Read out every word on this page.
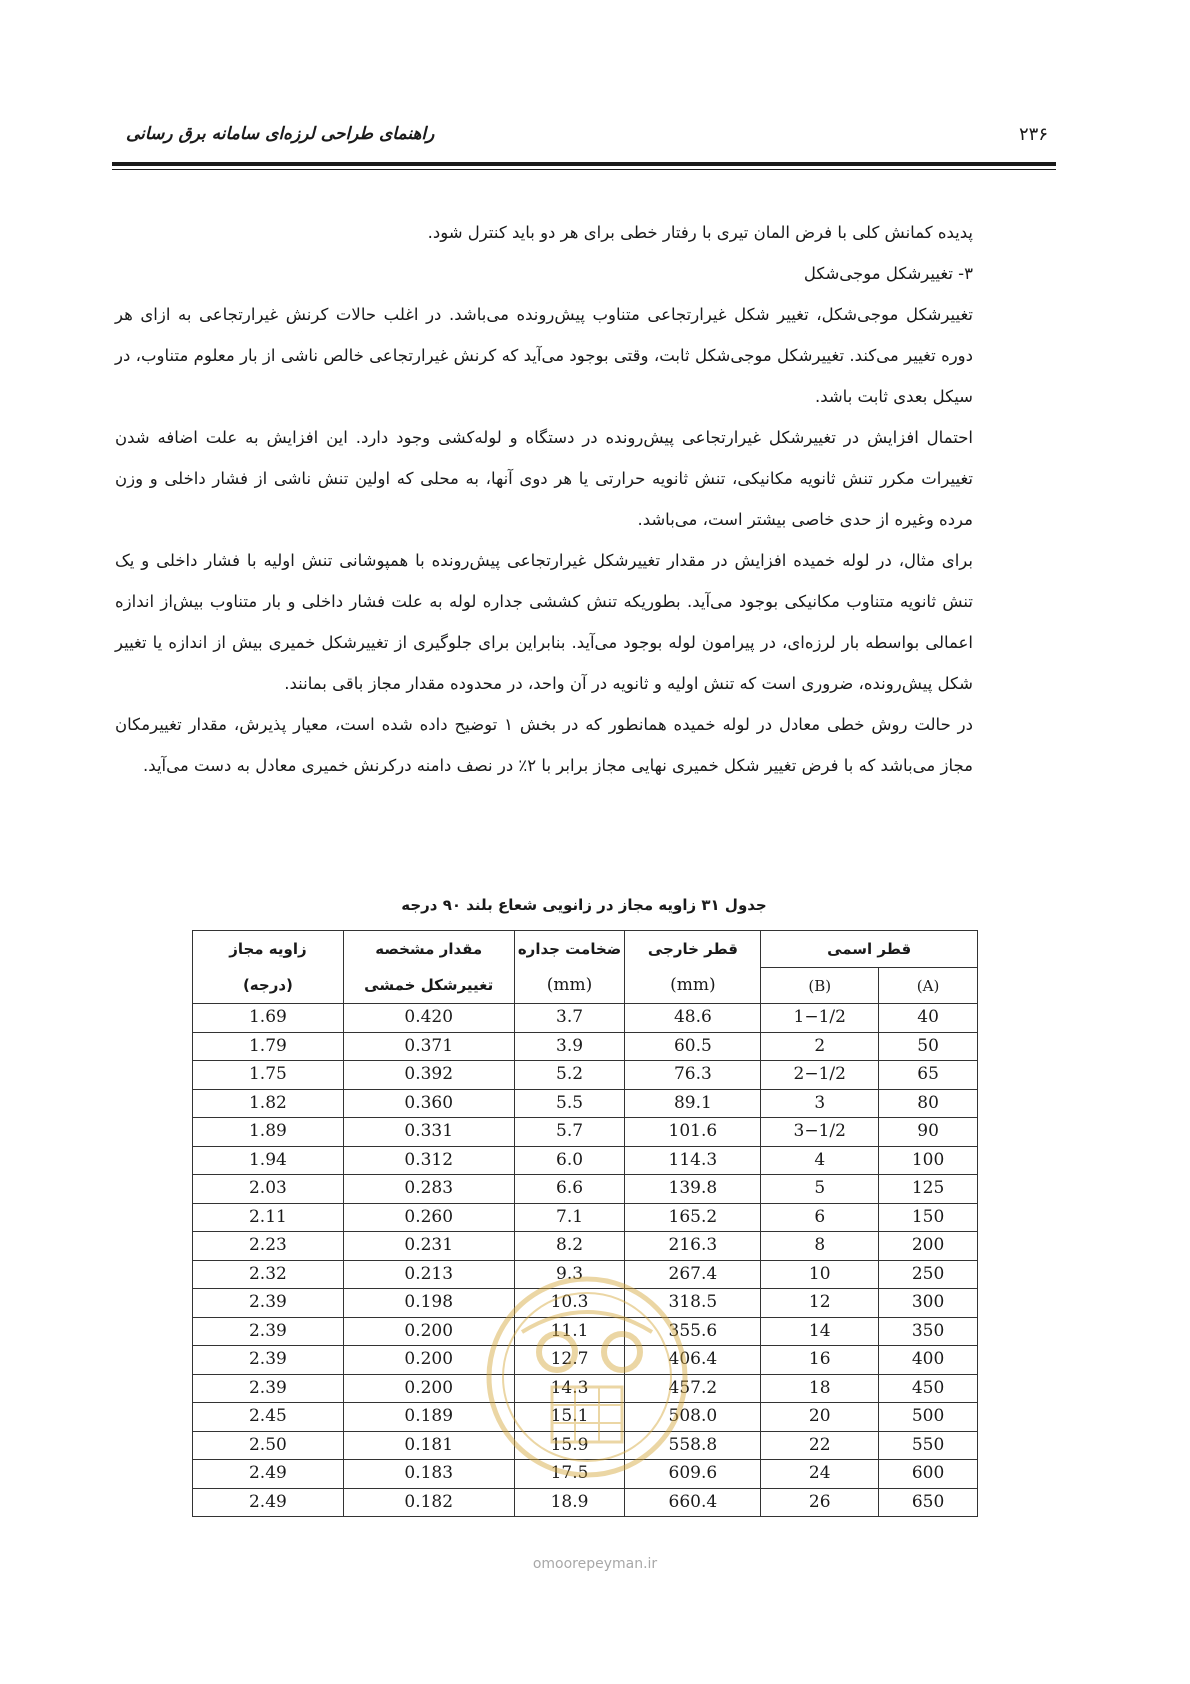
۲۳۶
راهنمای طراحی لرزه‌ای سامانه برق رسانی

پدیده کمانش کلی با فرض المان تیری با رفتار خطی برای هر دو باید کنترل شود.

۳- تغییرشکل موجی‌شکل

تغییرشکل موجی‌شکل، تغییر شکل غیرارتجاعی متناوب پیش‌رونده می‌باشد. در اغلب حالات کرنش غیرارتجاعی به ازای هر دوره تغییر می‌کند. تغییرشکل موجی‌شکل ثابت، وقتی بوجود می‌آید که کرنش غیرارتجاعی خالص ناشی از بار معلوم متناوب، در سیکل بعدی ثابت باشد.

احتمال افزایش در تغییرشکل غیرارتجاعی پیش‌رونده در دستگاه و لوله‌کشی وجود دارد. این افزایش به علت اضافه شدن تغییرات مکرر تنش ثانویه مکانیکی، تنش ثانویه حرارتی یا هر دوی آنها، به محلی که اولین تنش ناشی از فشار داخلی و وزن مرده وغیره از حدی خاصی بیشتر است، می‌باشد.

برای مثال، در لوله خمیده افزایش در مقدار تغییرشکل غیرارتجاعی پیش‌رونده با همپوشانی تنش اولیه با فشار داخلی و یک تنش ثانویه متناوب مکانیکی بوجود می‌آید. بطوریکه تنش کششی جداره لوله به علت فشار داخلی و بار متناوب بیش‌از اندازه اعمالی بواسطه بار لرزه‌ای، در پیرامون لوله بوجود می‌آید. بنابراین برای جلوگیری از تغییرشکل خمیری بیش از اندازه یا تغییر شکل پیش‌رونده، ضروری است که تنش اولیه و ثانویه در آن واحد، در محدوده مقدار مجاز باقی بمانند.

در حالت روش خطی معادل در لوله خمیده همانطور که در بخش ۱ توضیح داده شده است، معیار پذیرش، مقدار تغییرمکان مجاز می‌باشد که با فرض تغییر شکل خمیری نهایی مجاز برابر با ۲٪ در نصف دامنه درکرنش خمیری معادل به دست می‌آید.

جدول ۳۱ زاویه مجاز در زانویی شعاع بلند ۹۰ درجه
قطر اسمی		قطر خارجی	ضخامت جداره	مقدار مشخصه	زاویه مجاز
(A)	(B)	(mm)	(mm)	تغییرشکل خمشی	(درجه)
40	1−1/2	48.6	3.7	0.420	1.69
50	2	60.5	3.9	0.371	1.79
65	2−1/2	76.3	5.2	0.392	1.75
80	3	89.1	5.5	0.360	1.82
90	3−1/2	101.6	5.7	0.331	1.89
100	4	114.3	6.0	0.312	1.94
125	5	139.8	6.6	0.283	2.03
150	6	165.2	7.1	0.260	2.11
200	8	216.3	8.2	0.231	2.23
250	10	267.4	9.3	0.213	2.32
300	12	318.5	10.3	0.198	2.39
350	14	355.6	11.1	0.200	2.39
400	16	406.4	12.7	0.200	2.39
450	18	457.2	14.3	0.200	2.39
500	20	508.0	15.1	0.189	2.45
550	22	558.8	15.9	0.181	2.50
600	24	609.6	17.5	0.183	2.49
650	26	660.4	18.9	0.182	2.49
omoorepeyman.ir
